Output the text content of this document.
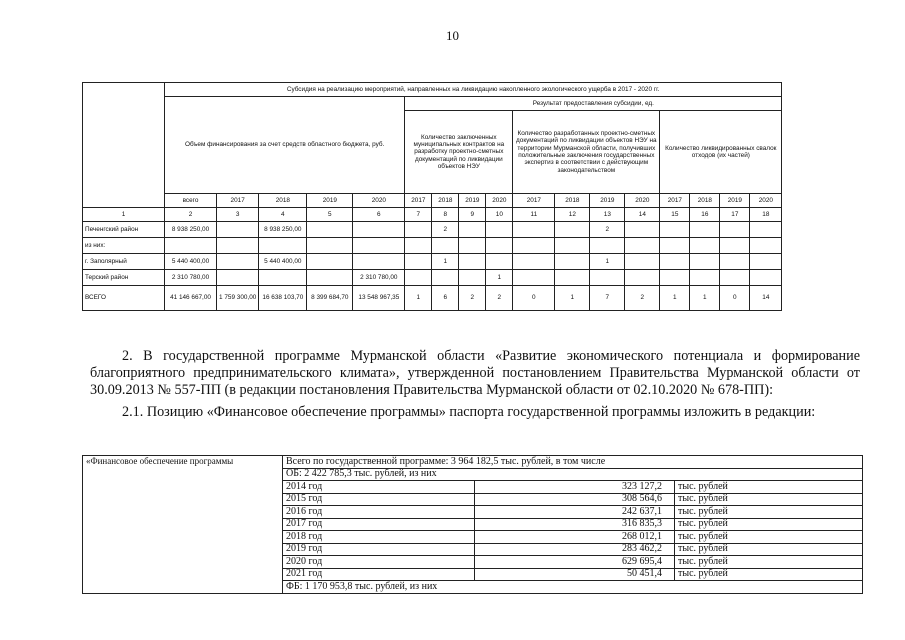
10
	Субсидия на реализацию мероприятий, направленных на ликвидацию накопленного экологического ущерба в 2017 - 2020 гг.																
	Объем финансирования за счет средств областного бюджета, руб.					Результат предоставления субсидии, ед.											
						Количество заключенных муниципальных контрактов на разработку проектно-сметных документаций по ликвидации объектов НЭУ				Количество разработанных проектно-сметных документаций по ликвидации объектов НЭУ на территории Мурманской области, получивших положительные заключения государственных экспертиз в соответствии с действующим законодательством				Количество ликвидированных свалок отходов (их частей)			
	всего	2017	2018	2019	2020	2017	2018	2019	2020	2017	2018	2019	2020	2017	2018	2019	2020
1	2	3	4	5	6	7	8	9	10	11	12	13	14	15	16	17	18
Печенгский район	8 938 250,00		8 938 250,00				2					2					
из них:																	
г. Заполярный	5 440 400,00		5 440 400,00				1					1					
Терский район	2 310 780,00				2 310 780,00				1								
ВСЕГО	41 146 667,00	1 759 300,00	16 638 103,70	8 399 684,70	13 548 967,35	1	6	2	2	0	1	7	2	1	1	0	14
2. В государственной программе Мурманской области «Развитие экономического потенциала и формирование благоприятного предпринимательского климата», утвержденной постановлением Правительства Мурманской области от 30.09.2013 № 557-ПП (в редакции постановления Правительства Мурманской области от 02.10.2020 № 678-ПП):
2.1. Позицию «Финансовое обеспечение программы» паспорта государственной программы изложить в редакции:
«Финансовое обеспечение программы	Всего по государственной программе: 3 964 182,5 тыс. рублей, в том числе		
	ОБ: 2 422 785,3 тыс. рублей, из них		
	2014 год	323 127,2	тыс. рублей
	2015 год	308 564,6	тыс. рублей
	2016 год	242 637,1	тыс. рублей
	2017 год	316 835,3	тыс. рублей
	2018 год	268 012,1	тыс. рублей
	2019 год	283 462,2	тыс. рублей
	2020 год	629 695,4	тыс. рублей
	2021 год	50 451,4	тыс. рублей
	ФБ: 1 170 953,8 тыс. рублей, из них		
